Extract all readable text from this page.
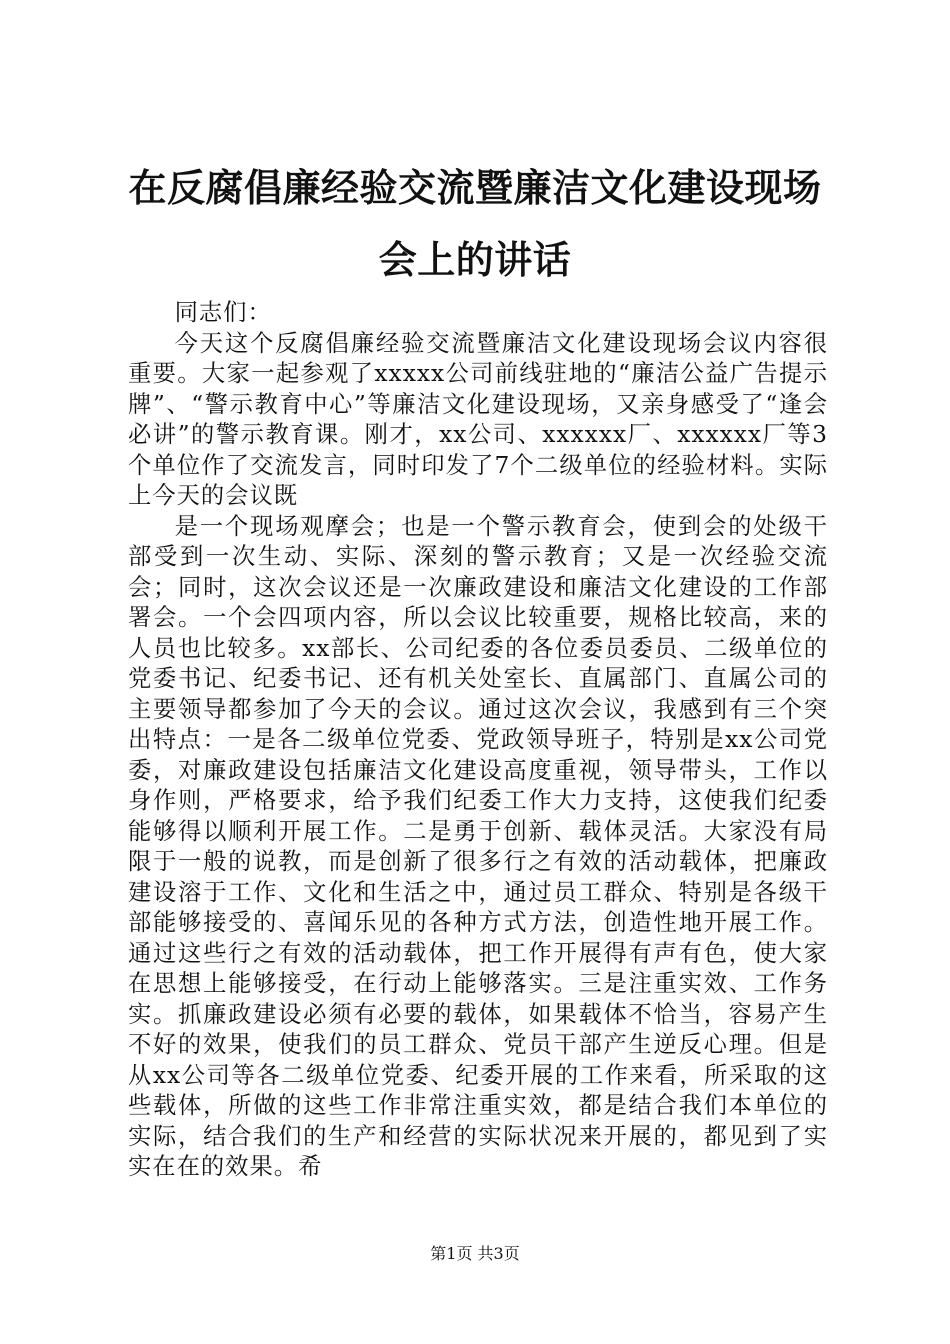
在反腐倡廉经验交流暨廉洁文化建设现场会上的讲话

同志们：

今天这个反腐倡廉经验交流暨廉洁文化建设现场会议内容很重要。大家一起参观了xxxxx公司前线驻地的“廉洁公益广告提示牌”、“警示教育中心”等廉洁文化建设现场，又亲身感受了“逢会必讲”的警示教育课。刚才，xx公司、xxxxxx厂、xxxxxx厂等3个单位作了交流发言，同时印发了7个二级单位的经验材料。实际上今天的会议既

是一个现场观摩会；也是一个警示教育会，使到会的处级干部受到一次生动、实际、深刻的警示教育；又是一次经验交流会；同时，这次会议还是一次廉政建设和廉洁文化建设的工作部署会。一个会四项内容，所以会议比较重要，规格比较高，来的人员也比较多。xx部长、公司纪委的各位委员委员、二级单位的党委书记、纪委书记、还有机关处室长、直属部门、直属公司的主要领导都参加了今天的会议。通过这次会议，我感到有三个突出特点：一是各二级单位党委、党政领导班子，特别是xx公司党委，对廉政建设包括廉洁文化建设高度重视，领导带头，工作以身作则，严格要求，给予我们纪委工作大力支持，这使我们纪委能够得以顺利开展工作。二是勇于创新、载体灵活。大家没有局限于一般的说教，而是创新了很多行之有效的活动载体，把廉政建设溶于工作、文化和生活之中，通过员工群众、特别是各级干部能够接受的、喜闻乐见的各种方式方法，创造性地开展工作。通过这些行之有效的活动载体，把工作开展得有声有色，使大家在思想上能够接受，在行动上能够落实。三是注重实效、工作务实。抓廉政建设必须有必要的载体，如果载体不恰当，容易产生不好的效果，使我们的员工群众、党员干部产生逆反心理。但是从xx公司等各二级单位党委、纪委开展的工作来看，所采取的这些载体，所做的这些工作非常注重实效，都是结合我们本单位的实际，结合我们的生产和经营的实际状况来开展的，都见到了实实在在的效果。希

第1页 共3页
